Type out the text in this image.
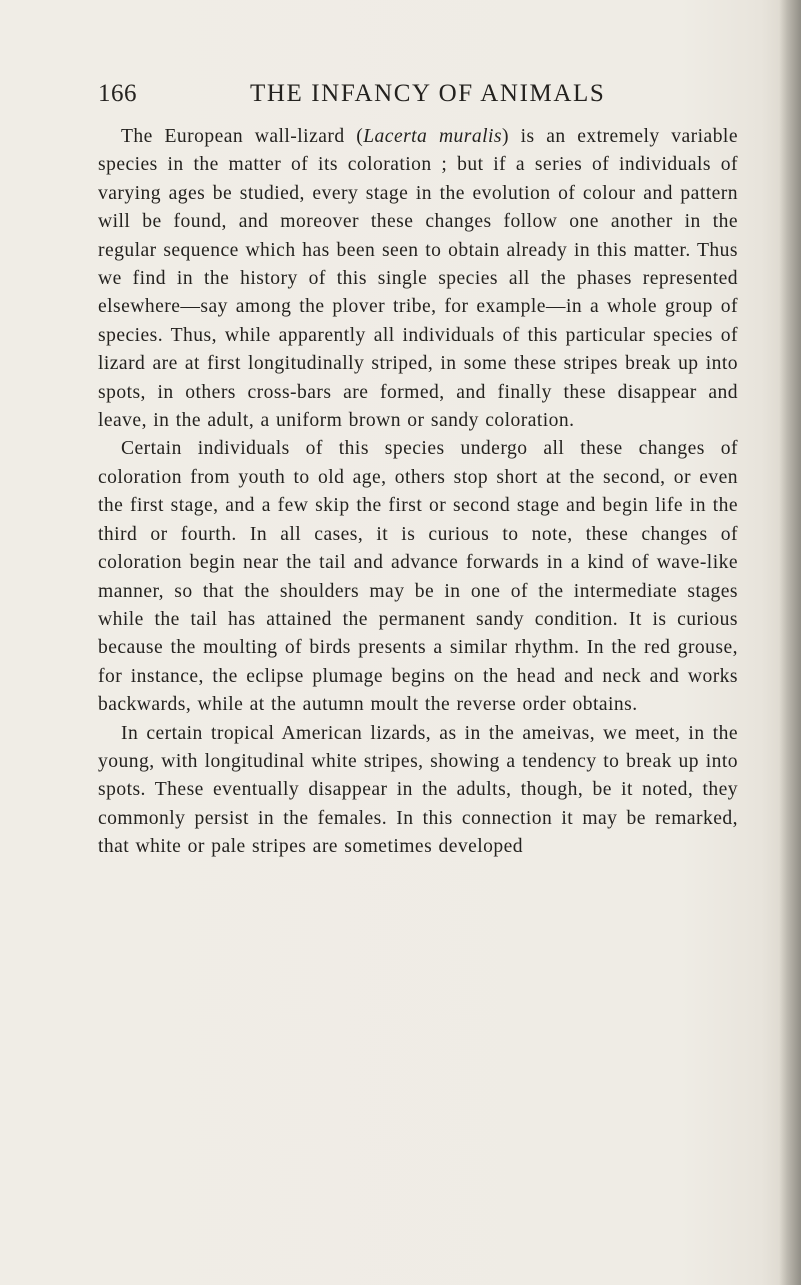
166	THE INFANCY OF ANIMALS

The European wall-lizard (Lacerta muralis) is an extremely variable species in the matter of its coloration ; but if a series of individuals of varying ages be studied, every stage in the evolution of colour and pattern will be found, and moreover these changes follow one another in the regular sequence which has been seen to obtain already in this matter. Thus we find in the history of this single species all the phases represented elsewhere—say among the plover tribe, for example—in a whole group of species. Thus, while apparently all individuals of this particular species of lizard are at first longitudinally striped, in some these stripes break up into spots, in others cross-bars are formed, and finally these disappear and leave, in the adult, a uniform brown or sandy coloration.

Certain individuals of this species undergo all these changes of coloration from youth to old age, others stop short at the second, or even the first stage, and a few skip the first or second stage and begin life in the third or fourth. In all cases, it is curious to note, these changes of coloration begin near the tail and advance forwards in a kind of wave-like manner, so that the shoulders may be in one of the intermediate stages while the tail has attained the permanent sandy condition. It is curious because the moulting of birds presents a similar rhythm. In the red grouse, for instance, the eclipse plumage begins on the head and neck and works backwards, while at the autumn moult the reverse order obtains.

In certain tropical American lizards, as in the ameivas, we meet, in the young, with longitudinal white stripes, showing a tendency to break up into spots. These eventually disappear in the adults, though, be it noted, they commonly persist in the females. In this connection it may be remarked, that white or pale stripes are sometimes developed
